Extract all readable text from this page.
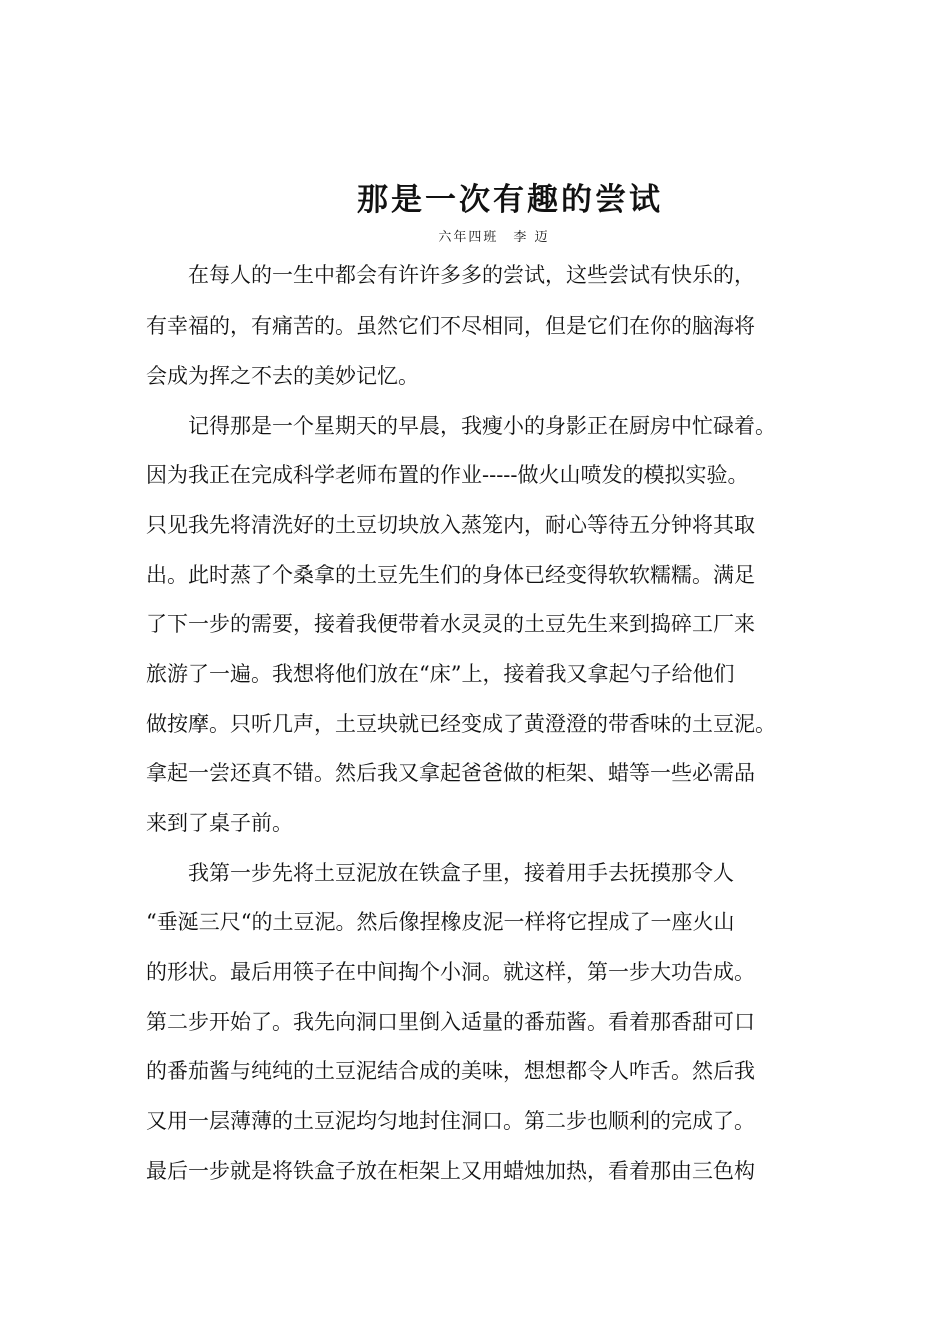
那是一次有趣的尝试
六年四班　李 迈
　　在每人的一生中都会有许许多多的尝试，这些尝试有快乐的，
有幸福的，有痛苦的。虽然它们不尽相同，但是它们在你的脑海将
会成为挥之不去的美妙记忆。
　　记得那是一个星期天的早晨，我瘦小的身影正在厨房中忙碌着。
因为我正在完成科学老师布置的作业-----做火山喷发的模拟实验。
只见我先将清洗好的土豆切块放入蒸笼内，耐心等待五分钟将其取
出。此时蒸了个桑拿的土豆先生们的身体已经变得软软糯糯。满足
了下一步的需要，接着我便带着水灵灵的土豆先生来到捣碎工厂来
旅游了一遍。我想将他们放在“床”上，接着我又拿起勺子给他们
做按摩。只听几声，土豆块就已经变成了黄澄澄的带香味的土豆泥。
拿起一尝还真不错。然后我又拿起爸爸做的柜架、蜡等一些必需品
来到了桌子前。
　　我第一步先将土豆泥放在铁盒子里，接着用手去抚摸那令人
“垂涎三尺“的土豆泥。然后像捏橡皮泥一样将它捏成了一座火山
的形状。最后用筷子在中间掏个小洞。就这样，第一步大功告成。
第二步开始了。我先向洞口里倒入适量的番茄酱。看着那香甜可口
的番茄酱与纯纯的土豆泥结合成的美味，想想都令人咋舌。然后我
又用一层薄薄的土豆泥均匀地封住洞口。第二步也顺利的完成了。
最后一步就是将铁盒子放在柜架上又用蜡烛加热，看着那由三色构
